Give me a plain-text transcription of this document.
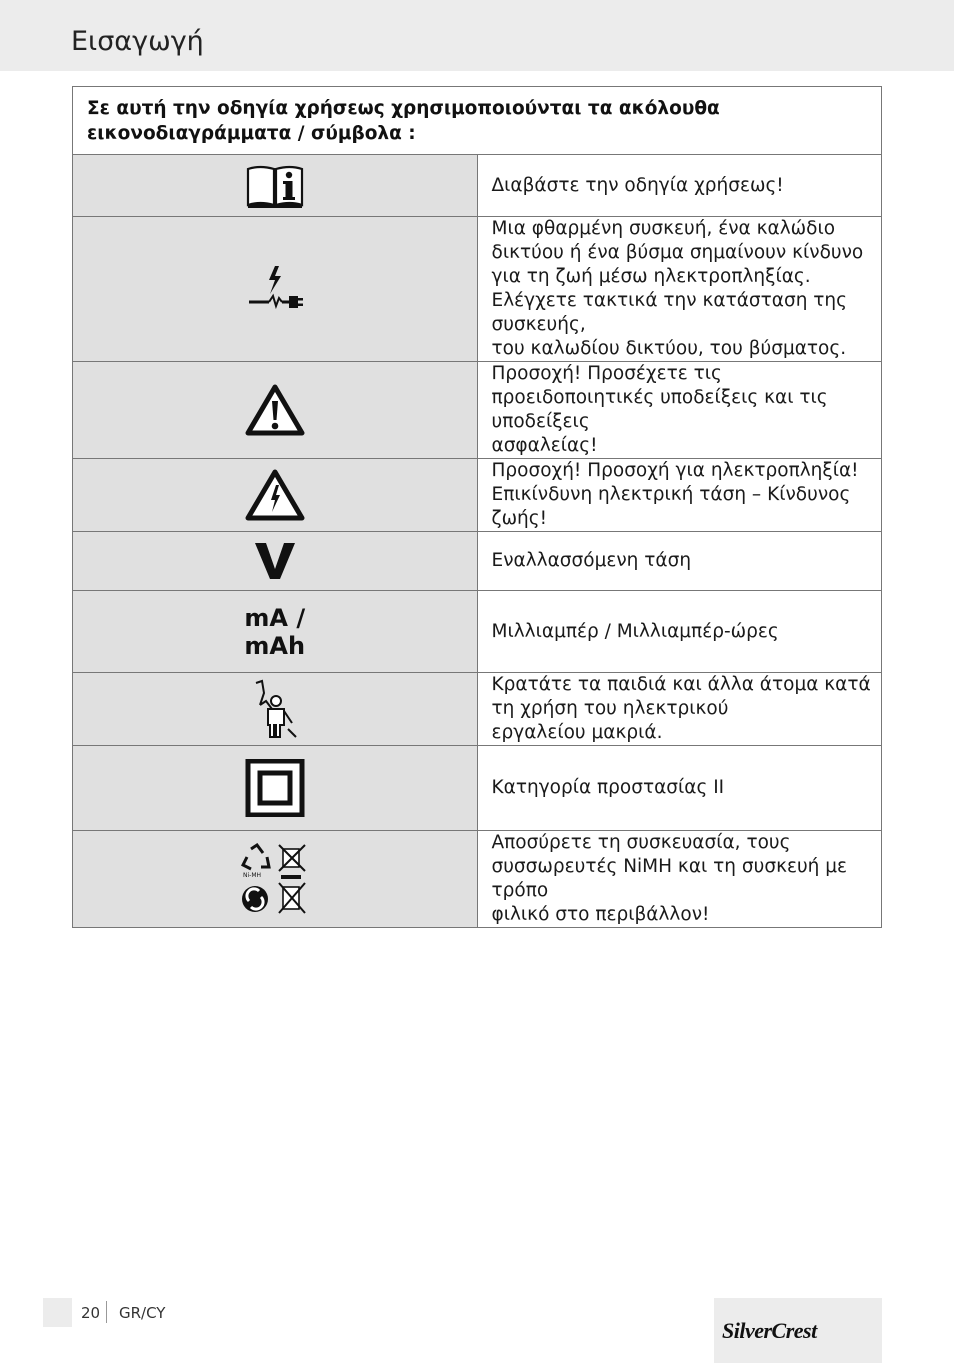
Εισαγωγή
Σε αυτή την οδηγία χρήσεως χρησιμοποιούνται τα ακόλουθα
εικονοδιαγράμματα / σύμβολα :	

Διαβάστε την οδηγία χρήσεως!

Μια φθαρμένη συσκευή, ένα καλώδιο δικτύου ή ένα βύσμα σημαίνουν κίνδυνο
για τη ζωή μέσω ηλεκτροπληξίας. Ελέγχετε τακτικά την κατάσταση της συσκευής,
του καλωδίου δικτύου, του βύσματος.

Προσοχή! Προσέχετε τις προειδοποιητικές υποδείξεις και τις υποδείξεις
ασφαλείας!

Προσοχή! Προσοχή για ηλεκτροπληξία!
Επικίνδυνη ηλεκτρική τάση – Κίνδυνος ζωής!

Εναλλασσόμενη τάση

mA /
mAh	Μιλλιαμπέρ / Μιλλιαμπέρ-ώρες

Κρατάτε τα παιδιά και άλλα άτομα κατά τη χρήση του ηλεκτρικού
εργαλείου μακριά.

Κατηγορία προστασίας II

Ni-MH	Αποσύρετε τη συσκευασία, τους συσσωρευτές NiMH και τη συσκευή με τρόπο
φιλικό στο περιβάλλον!
20 GR/CY
SilverCrest
